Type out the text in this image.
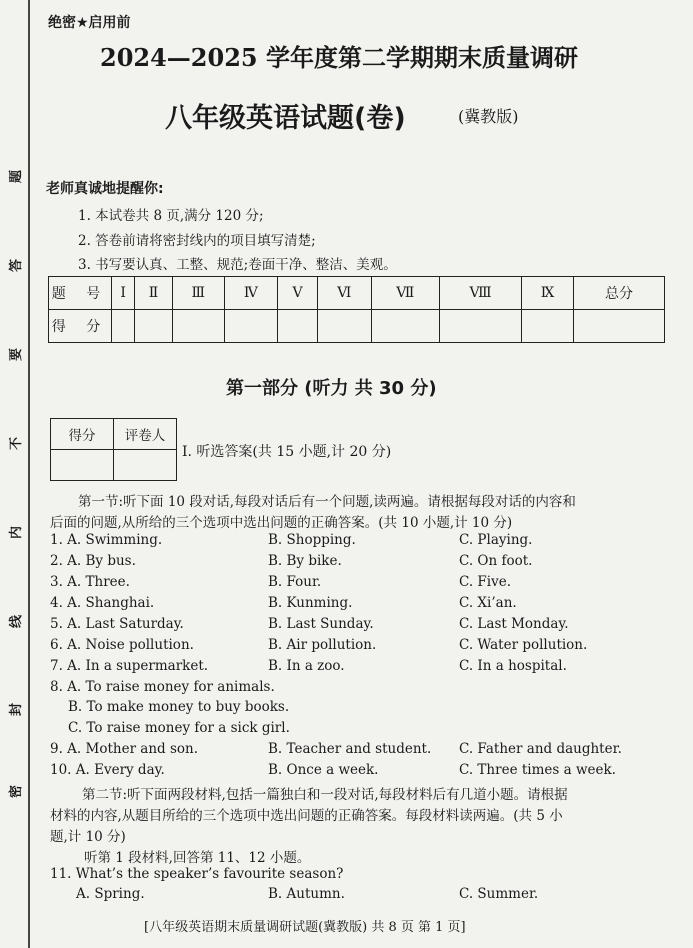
题
答
要
不
内
线
封
密
绝密★启用前
2024—2025 学年度第二学期期末质量调研
八年级英语试题(卷)	(冀教版)
老师真诚地提醒你:
1. 本试卷共 8 页,满分 120 分;
2. 答卷前请将密封线内的项目填写清楚;
3. 书写要认真、工整、规范;卷面干净、整洁、美观。
题 号	Ⅰ	Ⅱ	Ⅲ	Ⅳ	Ⅴ	Ⅵ	Ⅶ	Ⅷ	Ⅸ	总分
得 分										
第一部分 (听力 共 30 分)
得分	评卷人

Ⅰ. 听选答案(共 15 小题,计 20 分)
第一节:听下面 10 段对话,每段对话后有一个问题,读两遍。请根据每段对话的内容和
后面的问题,从所给的三个选项中选出问题的正确答案。(共 10 小题,计 10 分)
1. A. Swimming.	B. Shopping.	C. Playing.
2. A. By bus.	B. By bike.	C. On foot.
3. A. Three.	B. Four.	C. Five.
4. A. Shanghai.	B. Kunming.	C. Xi’an.
5. A. Last Saturday.	B. Last Sunday.	C. Last Monday.
6. A. Noise pollution.	B. Air pollution.	C. Water pollution.
7. A. In a supermarket.	B. In a zoo.	C. In a hospital.
8. A. To raise money for animals.
B. To make money to buy books.
C. To raise money for a sick girl.
9. A. Mother and son.	B. Teacher and student. C. Father and daughter.
10. A. Every day.	B. Once a week.	C. Three times a week.
第二节:听下面两段材料,包括一篇独白和一段对话,每段材料后有几道小题。请根据
材料的内容,从题目所给的三个选项中选出问题的正确答案。每段材料读两遍。(共 5 小
题,计 10 分)
听第 1 段材料,回答第 11、12 小题。
11. What’s the speaker’s favourite season?
A. Spring.	B. Autumn.	C. Summer.
[八年级英语期末质量调研试题(冀教版) 共 8 页 第 1 页]
